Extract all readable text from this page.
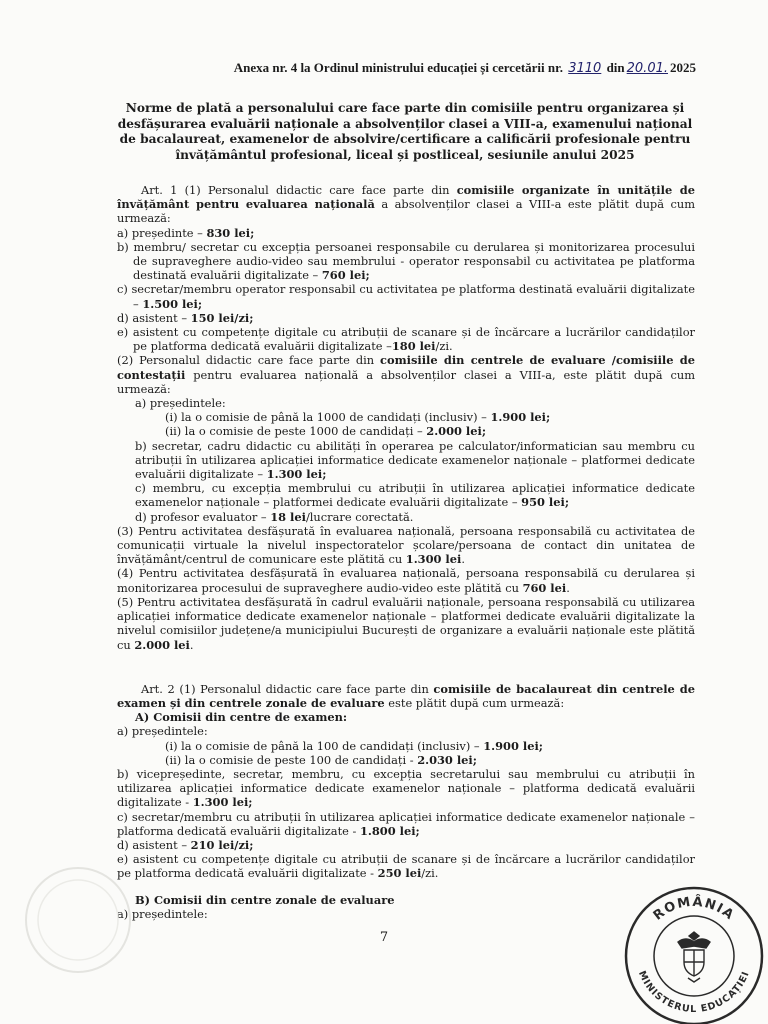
Anexa nr. 4 la Ordinul ministrului educației și cercetării nr. 3110 din 20.01. 2025
Norme de plată a personalului care face parte din comisiile pentru organizarea și desfășurarea evaluării naționale a absolvenților clasei a VIII-a, examenului național de bacalaureat, examenelor de absolvire/certificare a calificării profesionale pentru învățământul profesional, liceal și postliceal, sesiunile anului 2025

Art. 1 (1) Personalul didactic care face parte din comisiile organizate în unitățile de învățământ pentru evaluarea națională a absolvenților clasei a VIII-a este plătit după cum urmează:

a) președinte – 830 lei;

b) membru/ secretar cu excepția persoanei responsabile cu derularea și monitorizarea procesului de supraveghere audio-video sau membrului - operator responsabil cu activitatea pe platforma destinată evaluării digitalizate – 760 lei;

c) secretar/membru operator responsabil cu activitatea pe platforma destinată evaluării digitalizate – 1.500 lei;

d) asistent – 150 lei/zi;

e) asistent cu competențe digitale cu atribuții de scanare și de încărcare a lucrărilor candidaților pe platforma dedicată evaluării digitalizate –180 lei/zi.

(2) Personalul didactic care face parte din comisiile din centrele de evaluare /comisiile de contestații pentru evaluarea națională a absolvenților clasei a VIII-a, este plătit după cum urmează:

a) președintele:

(i) la o comisie de până la 1000 de candidați (inclusiv) – 1.900 lei;

(ii) la o comisie de peste 1000 de candidați – 2.000 lei;

b) secretar, cadru didactic cu abilități în operarea pe calculator/informatician sau membru cu atribuții în utilizarea aplicației informatice dedicate examenelor naționale – platformei dedicate evaluării digitalizate – 1.300 lei;

c) membru, cu excepția membrului cu atribuții în utilizarea aplicației informatice dedicate examenelor naționale – platformei dedicate evaluării digitalizate – 950 lei;

d) profesor evaluator – 18 lei/lucrare corectată.

(3) Pentru activitatea desfășurată în evaluarea națională, persoana responsabilă cu activitatea de comunicații virtuale la nivelul inspectoratelor școlare/persoana de contact din unitatea de învățământ/centrul de comunicare este plătită cu 1.300 lei.

(4) Pentru activitatea desfășurată în evaluarea națională, persoana responsabilă cu derularea și monitorizarea procesului de supraveghere audio-video este plătită cu 760 lei.

(5) Pentru activitatea desfășurată în cadrul evaluării naționale, persoana responsabilă cu utilizarea aplicației informatice dedicate examenelor naționale – platformei dedicate evaluării digitalizate la nivelul comisiilor județene/a municipiului București de organizare a evaluării naționale este plătită cu 2.000 lei.

Art. 2 (1) Personalul didactic care face parte din comisiile de bacalaureat din centrele de examen și din centrele zonale de evaluare este plătit după cum urmează:

A) Comisii din centre de examen:

a) președintele:

(i) la o comisie de până la 100 de candidați (inclusiv) – 1.900 lei;

(ii) la o comisie de peste 100 de candidați - 2.030 lei;

b) vicepreședinte, secretar, membru, cu excepția secretarului sau membrului cu atribuții în utilizarea aplicației informatice dedicate examenelor naționale – platforma dedicată evaluării digitalizate - 1.300 lei;

c) secretar/membru cu atribuții în utilizarea aplicației informatice dedicate examenelor naționale – platforma dedicată evaluării digitalizate - 1.800 lei;

d) asistent – 210 lei/zi;

e) asistent cu competențe digitale cu atribuții de scanare și de încărcare a lucrărilor candidaților pe platforma dedicată evaluării digitalizate - 250 lei/zi.

B) Comisii din centre zonale de evaluare

a) președintele:

7
ROMÂNIA
MINISTERUL EDUCAȚIEI
